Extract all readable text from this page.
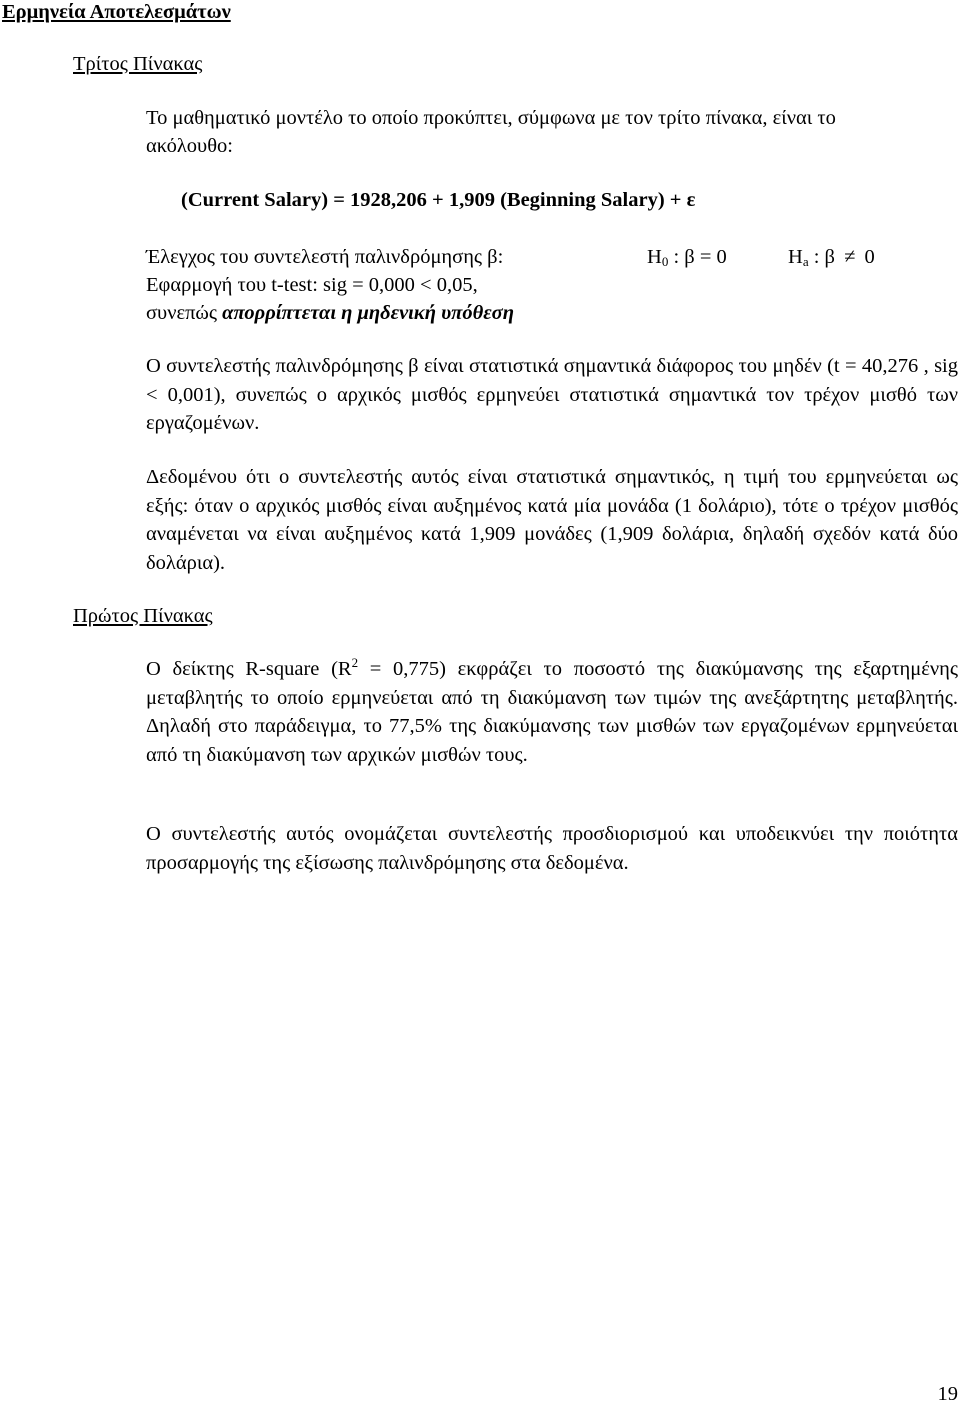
Ερμηνεία Αποτελεσμάτων
Τρίτος Πίνακας
Το μαθηματικό μοντέλο το οποίο προκύπτει, σύμφωνα με τον τρίτο πίνακα, είναι το
ακόλουθο:
(Current Salary) = 1928,206 + 1,909 (Beginning Salary) + ε
Έλεγχος του συντελεστή παλινδρόμησης β:	$H_0$ : β = 0	$H_a$ : β ≠ 0
Εφαρμογή του t-test: sig = 0,000 < 0,05,
συνεπώς απορρίπτεται η μηδενική υπόθεση

Ο συντελεστής παλινδρόμησης β είναι στατιστικά σημαντικά διάφορος του μηδέν (t = 40,276 , sig < 0,001), συνεπώς ο αρχικός μισθός ερμηνεύει στατιστικά σημαντικά τον τρέχον μισθό των εργαζομένων.

Δεδομένου ότι ο συντελεστής αυτός είναι στατιστικά σημαντικός, η τιμή του ερμηνεύεται ως εξής: όταν ο αρχικός μισθός είναι αυξημένος κατά μία μονάδα (1 δολάριο), τότε ο τρέχον μισθός αναμένεται να είναι αυξημένος κατά 1,909 μονάδες (1,909 δολάρια, δηλαδή σχεδόν κατά δύο δολάρια).

Πρώτος Πίνακας

Ο δείκτης R-square $(R^2 = 0,775)$ εκφράζει το ποσοστό της διακύμανσης της εξαρτημένης μεταβλητής το οποίο ερμηνεύεται από τη διακύμανση των τιμών της ανεξάρτητης μεταβλητής. Δηλαδή στο παράδειγμα, το 77,5% της διακύμανσης των μισθών των εργαζομένων ερμηνεύεται από τη διακύμανση των αρχικών μισθών τους.

Ο συντελεστής αυτός ονομάζεται συντελεστής προσδιορισμού και υποδεικνύει την ποιότητα προσαρμογής της εξίσωσης παλινδρόμησης στα δεδομένα.

19
